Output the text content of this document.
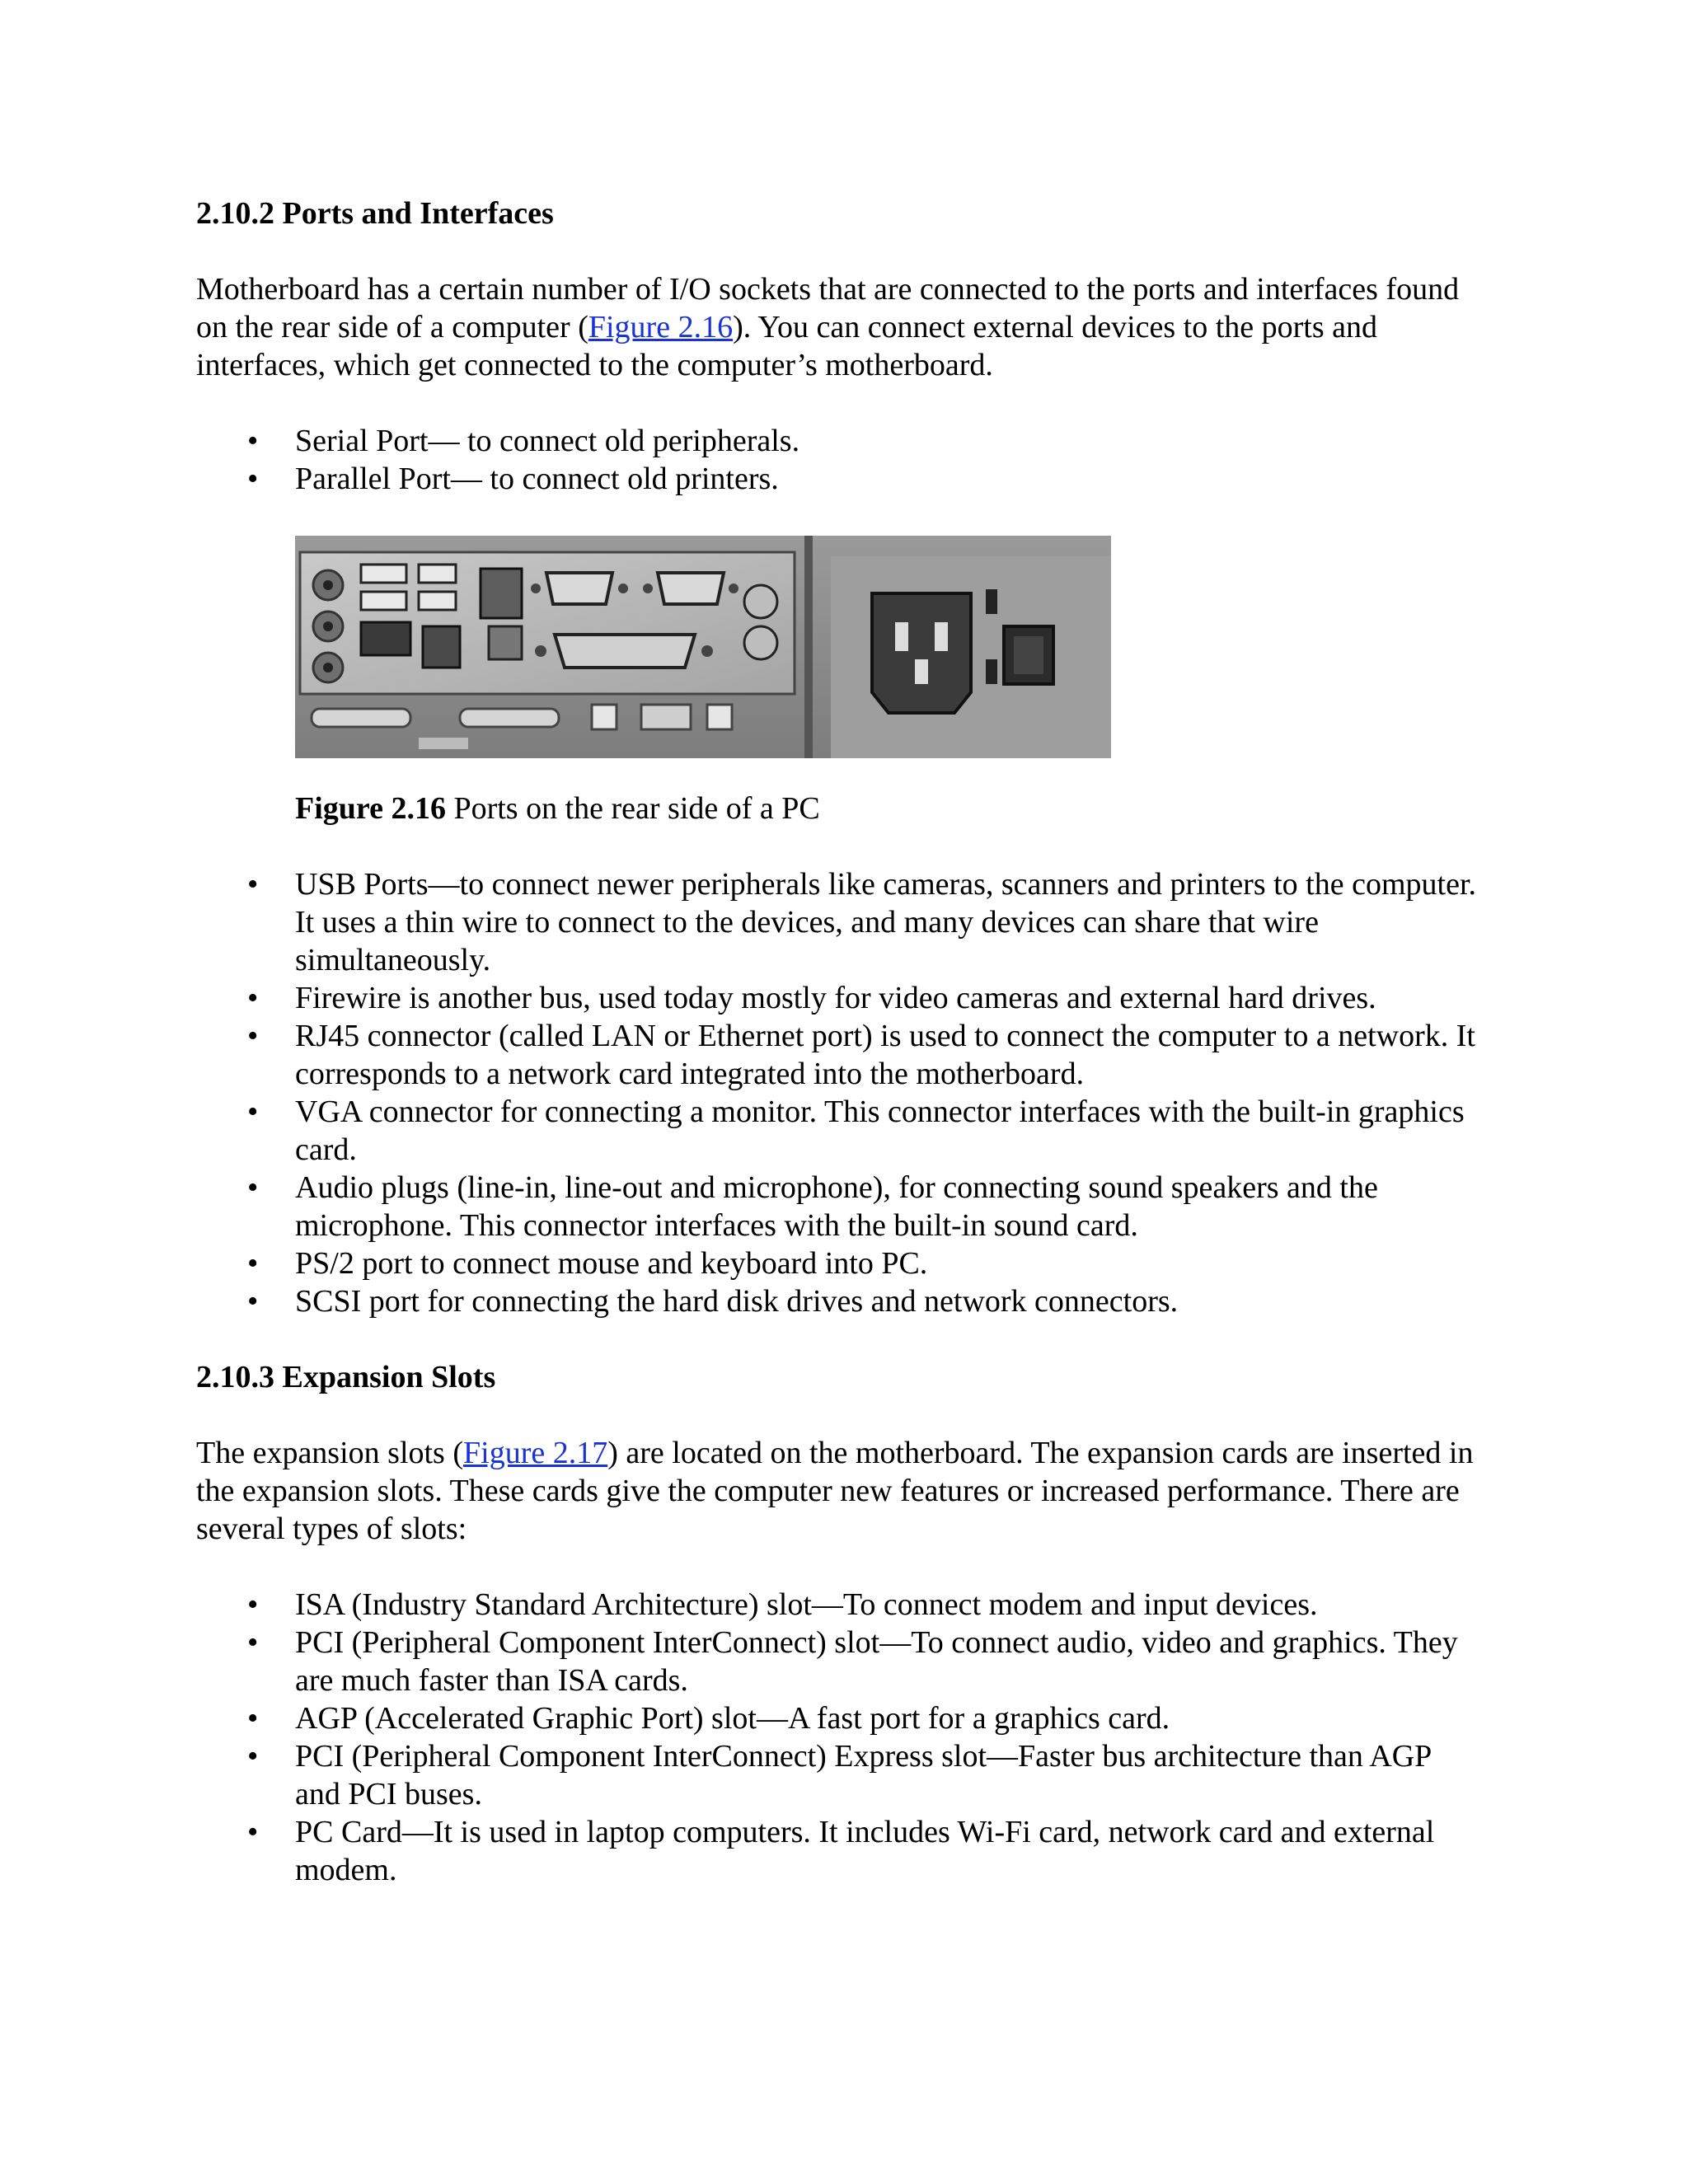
2.10.2 Ports and Interfaces

Motherboard has a certain number of I/O sockets that are connected to the ports and interfaces found on the rear side of a computer (Figure 2.16). You can connect external devices to the ports and interfaces, which get connected to the computer’s motherboard.

• Serial Port— to connect old peripherals.
• Parallel Port— to connect old printers.

Figure 2.16 Ports on the rear side of a PC

• USB Ports—to connect newer peripherals like cameras, scanners and printers to the computer. It uses a thin wire to connect to the devices, and many devices can share that wire simultaneously.
• Firewire is another bus, used today mostly for video cameras and external hard drives.
• RJ45 connector (called LAN or Ethernet port) is used to connect the computer to a network. It corresponds to a network card integrated into the motherboard.
• VGA connector for connecting a monitor. This connector interfaces with the built-in graphics card.
• Audio plugs (line-in, line-out and microphone), for connecting sound speakers and the microphone. This connector interfaces with the built-in sound card.
• PS/2 port to connect mouse and keyboard into PC.
• SCSI port for connecting the hard disk drives and network connectors.
2.10.3 Expansion Slots

The expansion slots (Figure 2.17) are located on the motherboard. The expansion cards are inserted in the expansion slots. These cards give the computer new features or increased performance. There are several types of slots:

• ISA (Industry Standard Architecture) slot—To connect modem and input devices.
• PCI (Peripheral Component InterConnect) slot—To connect audio, video and graphics. They are much faster than ISA cards.
• AGP (Accelerated Graphic Port) slot—A fast port for a graphics card.
• PCI (Peripheral Component InterConnect) Express slot—Faster bus architecture than AGP and PCI buses.
• PC Card—It is used in laptop computers. It includes Wi-Fi card, network card and external modem.
